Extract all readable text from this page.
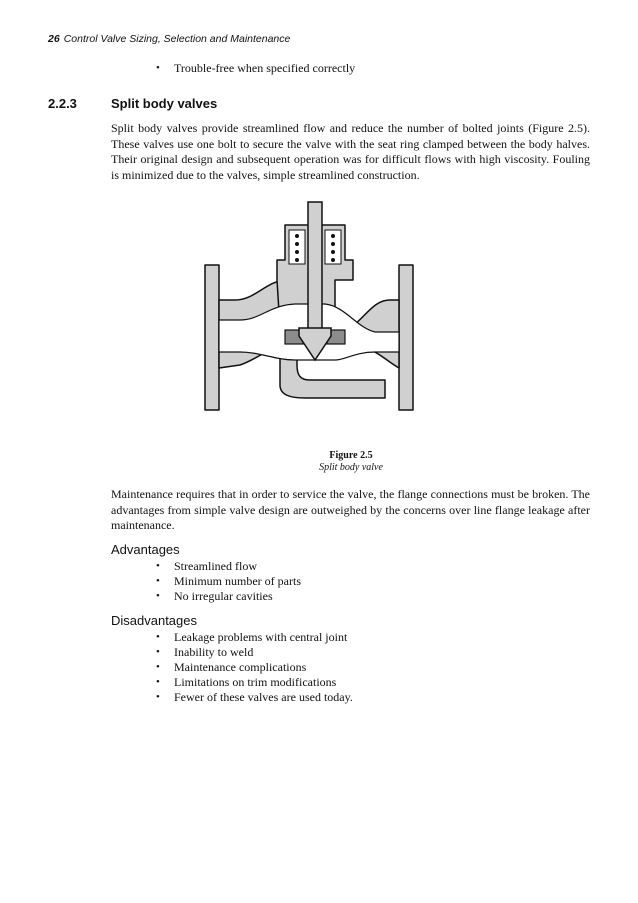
26 Control Valve Sizing, Selection and Maintenance
• Trouble-free when specified correctly
2.2.3	Split body valves

Split body valves provide streamlined flow and reduce the number of bolted joints (Figure 2.5). These valves use one bolt to secure the valve with the seat ring clamped between the body halves. Their original design and subsequent operation was for difficult flows with high viscosity. Fouling is minimized due to the valves, simple streamlined construction.

Figure 2.5
Split body valve

Maintenance requires that in order to service the valve, the flange connections must be broken. The advantages from simple valve design are outweighed by the concerns over line flange leakage after maintenance.

Advantages
• Streamlined flow
• Minimum number of parts
• No irregular cavities
Disadvantages
• Leakage problems with central joint
• Inability to weld
• Maintenance complications
• Limitations on trim modifications
• Fewer of these valves are used today.
